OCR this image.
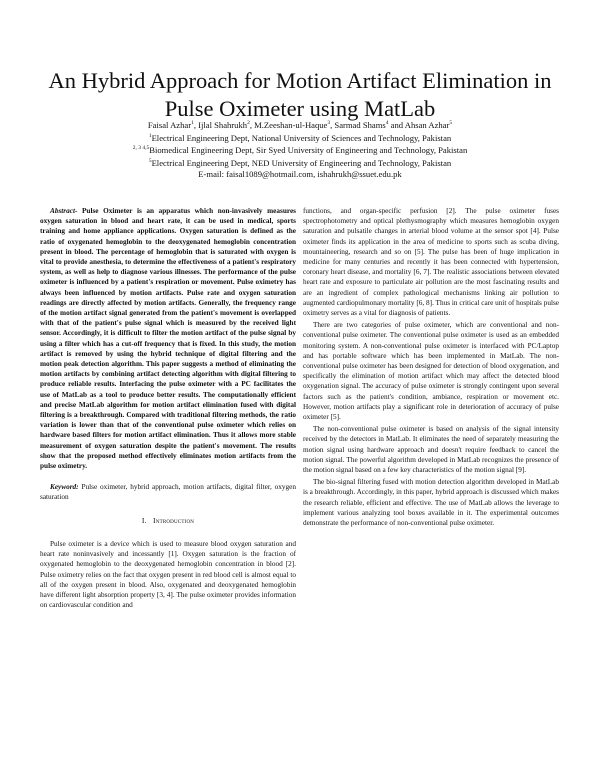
An Hybrid Approach for Motion Artifact Elimination in Pulse Oximeter using MatLab
Faisal Azhar$^1$, Ijlal Shahrukh$^2$, M.Zeeshan-ul-Haque$^3$, Sarmad Shams$^4$ and Ahsan Azhar$^5$
$^1$Electrical Engineering Dept, National University of Sciences and Technology, Pakistan
$^{2, 3 4,5}$Biomedical Engineering Dept, Sir Syed University of Engineering and Technology, Pakistan
$^5$Electrical Engineering Dept, NED University of Engineering and Technology, Pakistan
E-mail: faisal1089@hotmail.com, ishahrukh@ssuet.edu.pk

Abstract- Pulse Oximeter is an apparatus which non-invasively measures oxygen saturation in blood and heart rate, it can be used in medical, sports training and home appliance applications. Oxygen saturation is defined as the ratio of oxygenated hemoglobin to the deoxygenated hemoglobin concentration present in blood. The percentage of hemoglobin that is saturated with oxygen is vital to provide anesthesia, to determine the effectiveness of a patient's respiratory system, as well as help to diagnose various illnesses. The performance of the pulse oximeter is influenced by a patient's respiration or movement. Pulse oximetry has always been influenced by motion artifacts. Pulse rate and oxygen saturation readings are directly affected by motion artifacts. Generally, the frequency range of the motion artifact signal generated from the patient's movement is overlapped with that of the patient's pulse signal which is measured by the received light sensor. Accordingly, it is difficult to filter the motion artifact of the pulse signal by using a filter which has a cut-off frequency that is fixed. In this study, the motion artifact is removed by using the hybrid technique of digital filtering and the motion peak detection algorithm. This paper suggests a method of eliminating the motion artifacts by combining artifact detecting algorithm with digital filtering to produce reliable results. Interfacing the pulse oximeter with a PC facilitates the use of MatLab as a tool to produce better results. The computationally efficient and precise MatLab algorithm for motion artifact elimination fused with digital filtering is a breakthrough. Compared with traditional filtering methods, the ratio variation is lower than that of the conventional pulse oximeter which relies on hardware based filters for motion artifact elimination. Thus it allows more stable measurement of oxygen saturation despite the patient's movement. The results show that the proposed method effectively eliminates motion artifacts from the pulse oximetry.

Keyword: Pulse oximeter, hybrid approach, motion artifacts, digital filter, oxygen saturation

I. Introduction

Pulse oximeter is a device which is used to measure blood oxygen saturation and heart rate noninvasively and incessantly [1]. Oxygen saturation is the fraction of oxygenated hemoglobin to the deoxygenated hemoglobin concentration in blood [2]. Pulse oximetry relies on the fact that oxygen present in red blood cell is almost equal to all of the oxygen present in blood. Also, oxygenated and deoxygenated hemoglobin have different light absorption property [3, 4]. The pulse oximeter provides information on cardiovascular condition and

functions, and organ-specific perfusion [2]. The pulse oximeter fuses spectrophotometry and optical plethysmography which measures hemoglobin oxygen saturation and pulsatile changes in arterial blood volume at the sensor spot [4]. Pulse oximeter finds its application in the area of medicine to sports such as scuba diving, mountaineering, research and so on [5]. The pulse has been of huge implication in medicine for many centuries and recently it has been connected with hypertension, coronary heart disease, and mortality [6, 7]. The realistic associations between elevated heart rate and exposure to particulate air pollution are the most fascinating results and are an ingredient of complex pathological mechanisms linking air pollution to augmented cardiopulmonary mortality [6, 8]. Thus in critical care unit of hospitals pulse oximetry serves as a vital for diagnosis of patients.

There are two categories of pulse oximeter, which are conventional and non-conventional pulse oximeter. The conventional pulse oximeter is used as an embedded monitoring system. A non-conventional pulse oximeter is interfaced with PC/Laptop and has portable software which has been implemented in MatLab. The non-conventional pulse oximeter has been designed for detection of blood oxygenation, and specifically the elimination of motion artifact which may affect the detected blood oxygenation signal. The accuracy of pulse oximeter is strongly contingent upon several factors such as the patient's condition, ambiance, respiration or movement etc. However, motion artifacts play a significant role in deterioration of accuracy of pulse oximeter [5].

The non-conventional pulse oximeter is based on analysis of the signal intensity received by the detectors in MatLab. It eliminates the need of separately measuring the motion signal using hardware approach and doesn't require feedback to cancel the motion signal. The powerful algorithm developed in MatLab recognizes the presence of the motion signal based on a few key characteristics of the motion signal [9].

The bio-signal filtering fused with motion detection algorithm developed in MatLab is a breakthrough. Accordingly, in this paper, hybrid approach is discussed which makes the research reliable, efficient and effective. The use of MatLab allows the leverage to implement various analyzing tool boxes available in it. The experimental outcomes demonstrate the performance of non-conventional pulse oximeter.
